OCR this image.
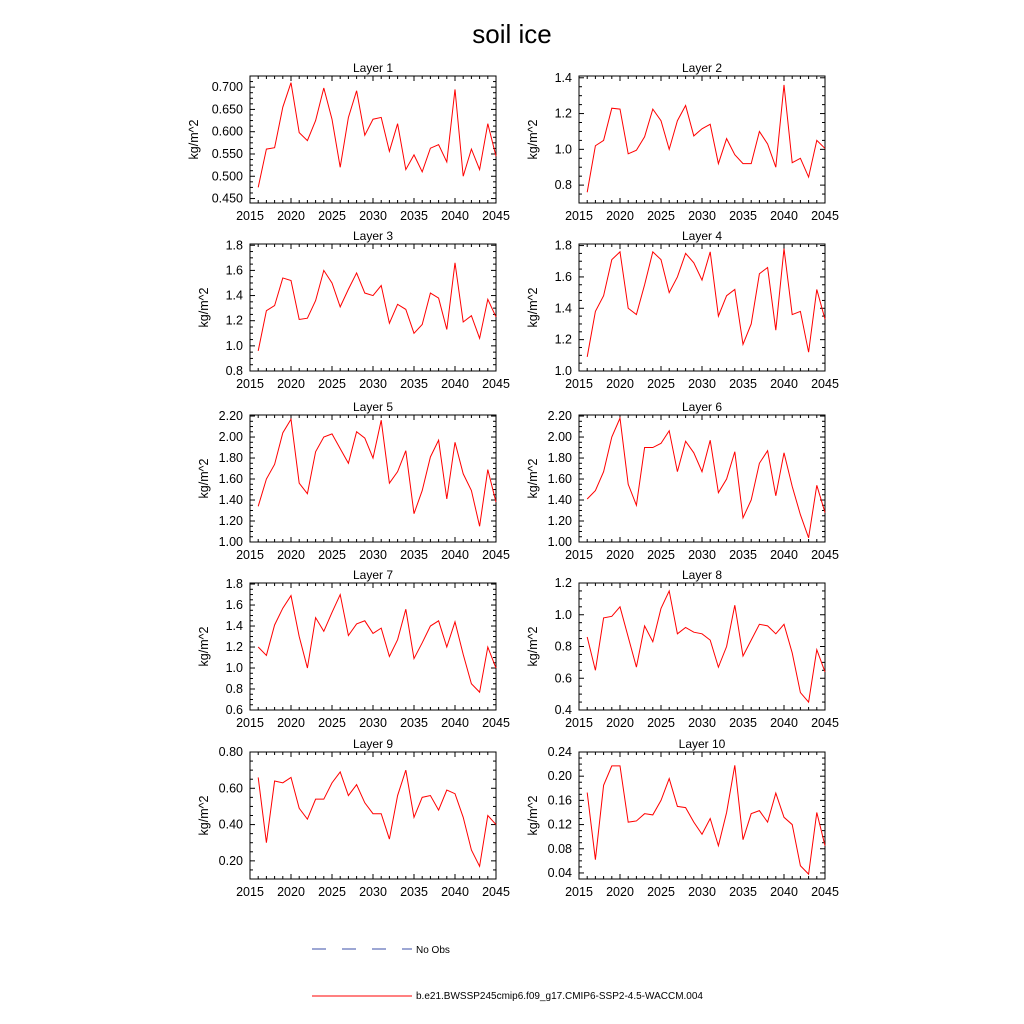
soil ice
Layer 1
2015 2020 2025 2030 2035 2040 2045
0.450
0.500
0.550
0.600
0.650
0.700
kg/m^2
Layer 2
2015 2020 2025 2030 2035 2040 2045
0.8
1.0
1.2
1.4
kg/m^2
Layer 3
2015 2020 2025 2030 2035 2040 2045
0.8
1.0
1.2
1.4
1.6
1.8
kg/m^2
Layer 4
2015 2020 2025 2030 2035 2040 2045
1.0
1.2
1.4
1.6
1.8
kg/m^2
Layer 5
2015 2020 2025 2030 2035 2040 2045
1.00
1.20
1.40
1.60
1.80
2.00
2.20
kg/m^2
Layer 6
2015 2020 2025 2030 2035 2040 2045
1.00
1.20
1.40
1.60
1.80
2.00
2.20
kg/m^2
Layer 7
2015 2020 2025 2030 2035 2040 2045
0.6
0.8
1.0
1.2
1.4
1.6
1.8
kg/m^2
Layer 8
2015 2020 2025 2030 2035 2040 2045
0.4
0.6
0.8
1.0
1.2
kg/m^2
Layer 9
2015 2020 2025 2030 2035 2040 2045
0.20
0.40
0.60
0.80
kg/m^2
Layer 10
2015 2020 2025 2030 2035 2040 2045
0.04
0.08
0.12
0.16
0.20
0.24
kg/m^2
No Obs
b.e21.BWSSP245cmip6.f09_g17.CMIP6-SSP2-4.5-WACCM.004
